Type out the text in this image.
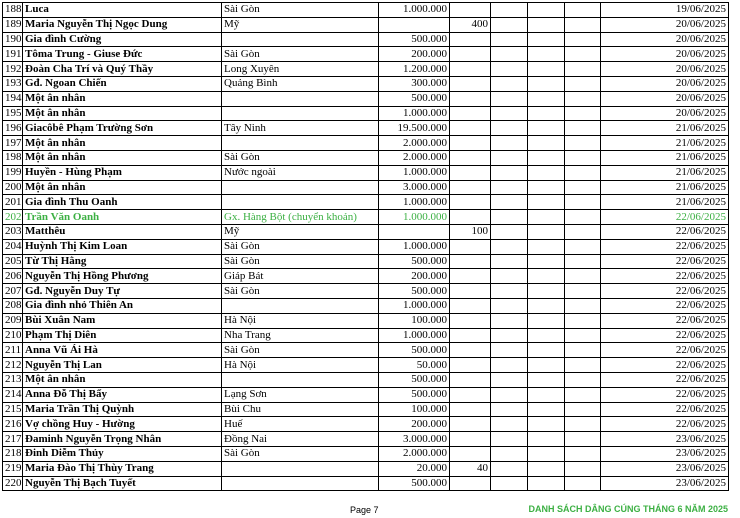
188	Luca	Sài Gòn	1.000.000					19/06/2025
189	Maria Nguyễn Thị Ngọc Dung	Mỹ		400				20/06/2025
190	Gia đình Cường		500.000					20/06/2025
191	Tôma Trung - Giuse Đức	Sài Gòn	200.000					20/06/2025
192	Đoàn Cha Trí và Quý Thầy	Long Xuyên	1.200.000					20/06/2025
193	Gđ. Ngoan Chiến	Quảng Bình	300.000					20/06/2025
194	Một ân nhân		500.000					20/06/2025
195	Một ân nhân		1.000.000					20/06/2025
196	Giacôbê Phạm Trường Sơn	Tây Ninh	19.500.000					21/06/2025
197	Một ân nhân		2.000.000					21/06/2025
198	Một ân nhân	Sài Gòn	2.000.000					21/06/2025
199	Huyền - Hùng Phạm	Nước ngoài	1.000.000					21/06/2025
200	Một ân nhân		3.000.000					21/06/2025
201	Gia đình Thu Oanh		1.000.000					21/06/2025
202	Trần Văn Oanh	Gx. Hàng Bột (chuyển khoản)	1.000.000					22/06/2025
203	Matthêu	Mỹ		100				22/06/2025
204	Huỳnh Thị Kim Loan	Sài Gòn	1.000.000					22/06/2025
205	Từ Thị Hằng	Sài Gòn	500.000					22/06/2025
206	Nguyễn Thị Hồng Phương	Giáp Bát	200.000					22/06/2025
207	Gđ. Nguyễn Duy Tự	Sài Gòn	500.000					22/06/2025
208	Gia đình nhỏ Thiên An		1.000.000					22/06/2025
209	Bùi Xuân Nam	Hà Nội	100.000					22/06/2025
210	Phạm Thị Diên	Nha Trang	1.000.000					22/06/2025
211	Anna Vũ Ái Hà	Sài Gòn	500.000					22/06/2025
212	Nguyễn Thị Lan	Hà Nội	50.000					22/06/2025
213	Một ân nhân		500.000					22/06/2025
214	Anna Đỗ Thị Bẩy	Lạng Sơn	500.000					22/06/2025
215	Maria Trần Thị Quỳnh	Bùi Chu	100.000					22/06/2025
216	Vợ chồng Huy - Hường	Huế	200.000					22/06/2025
217	Đaminh Nguyễn Trọng Nhân	Đồng Nai	3.000.000					23/06/2025
218	Đinh Diễm Thủy	Sài Gòn	2.000.000					23/06/2025
219	Maria Đào Thị Thùy Trang		20.000	40				23/06/2025
220	Nguyễn Thị Bạch Tuyết		500.000					23/06/2025
Page 7	DANH SÁCH DÂNG CÚNG THÁNG 6 NĂM 2025
